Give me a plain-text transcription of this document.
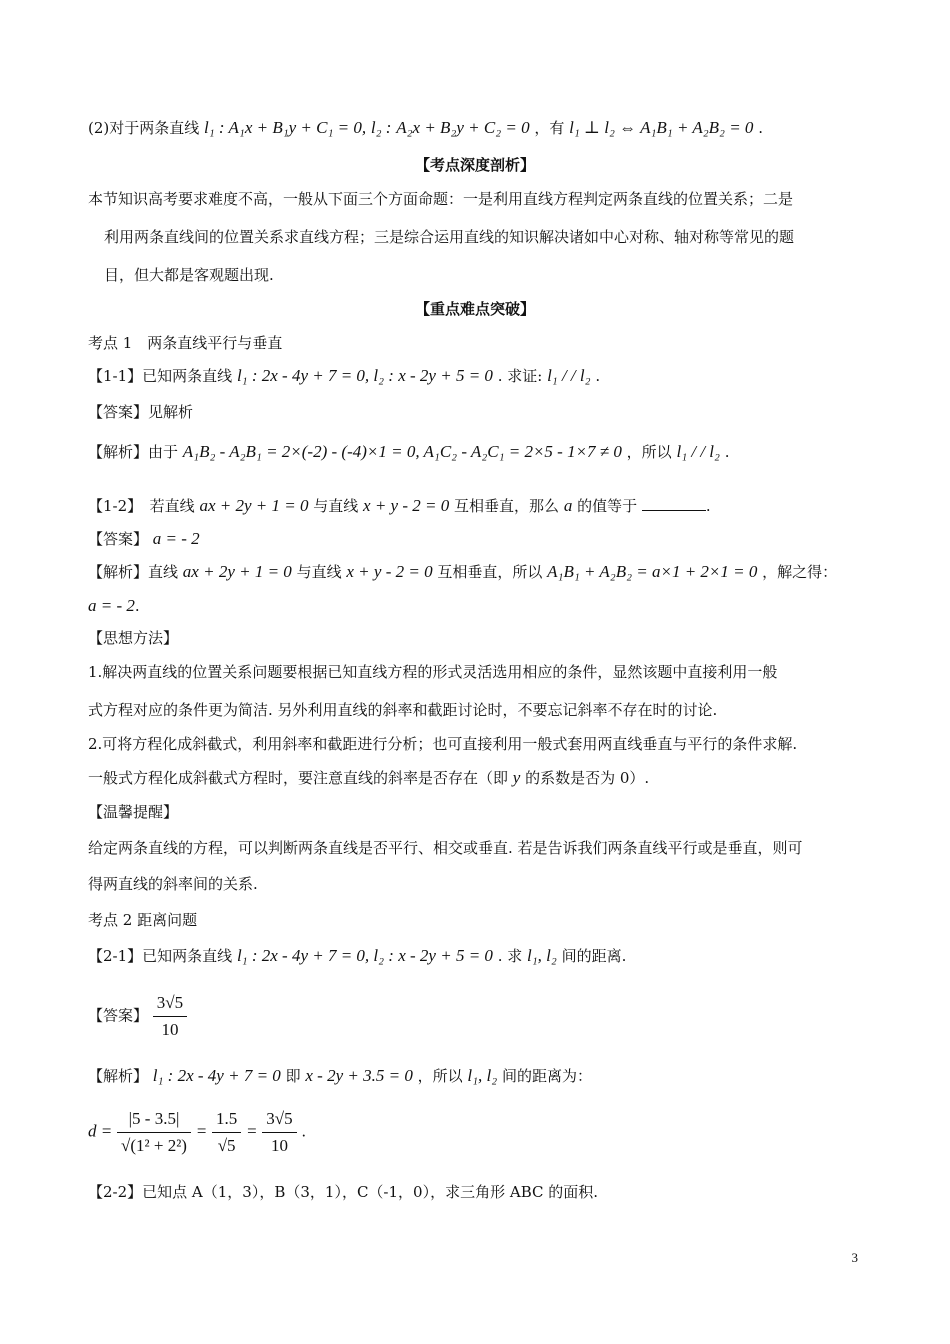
(2)对于两条直线 l₁ : A₁x + B₁y + C₁ = 0, l₂ : A₂x + B₂y + C₂ = 0 ，有 l₁ ⊥ l₂ ⇔ A₁B₁ + A₂B₂ = 0 .
【考点深度剖析】
本节知识高考要求难度不高，一般从下面三个方面命题：一是利用直线方程判定两条直线的位置关系；二是
利用两条直线间的位置关系求直线方程；三是综合运用直线的知识解决诸如中心对称、轴对称等常见的题
目，但大都是客观题出现.
【重点难点突破】
考点 1　两条直线平行与垂直
【1-1】已知两条直线 l₁ : 2x - 4y + 7 = 0, l₂ : x - 2y + 5 = 0 . 求证: l₁ / / l₂ .
【答案】见解析
【解析】由于 A₁B₂ - A₂B₁ = 2×(-2) - (-4)×1 = 0, A₁C₂ - A₂C₁ = 2×5 - 1×7 ≠ 0 ，所以 l₁ / / l₂ .
【1-2】　若直线 ax + 2y + 1 = 0 与直线 x + y - 2 = 0 互相垂直，那么 a 的值等于	.
【答案】 a = - 2
【解析】直线 ax + 2y + 1 = 0 与直线 x + y - 2 = 0 互相垂直，所以 A₁B₁ + A₂B₂ = a×1 + 2×1 = 0 ，解之得：
a = - 2.
【思想方法】
1.解决两直线的位置关系问题要根据已知直线方程的形式灵活选用相应的条件，显然该题中直接利用一般
式方程对应的条件更为简洁. 另外利用直线的斜率和截距讨论时，不要忘记斜率不存在时的讨论.
2.可将方程化成斜截式，利用斜率和截距进行分析；也可直接利用一般式套用两直线垂直与平行的条件求解.
一般式方程化成斜截式方程时，要注意直线的斜率是否存在（即 y 的系数是否为 0）.
【温馨提醒】
给定两条直线的方程，可以判断两条直线是否平行、相交或垂直. 若是告诉我们两条直线平行或是垂直，则可
得两直线的斜率间的关系.
考点 2 距离问题
【2-1】已知两条直线 l₁ : 2x - 4y + 7 = 0, l₂ : x - 2y + 5 = 0 . 求 l₁, l₂ 间的距离.
【答案】 $\frac{3√5}{10}$
【解析】 l₁ : 2x - 4y + 7 = 0 即 x - 2y + 3.5 = 0 ，所以 l₁, l₂ 间的距离为：
$d = \frac{|5 - 3.5|}{\text{√(1² + 2²)}} = \frac{1.5}{√5} = \frac{3√5}{10}$ .
【2-2】已知点 A（1，3），B（3，1），C（-1，0），求三角形 ABC 的面积.
3
